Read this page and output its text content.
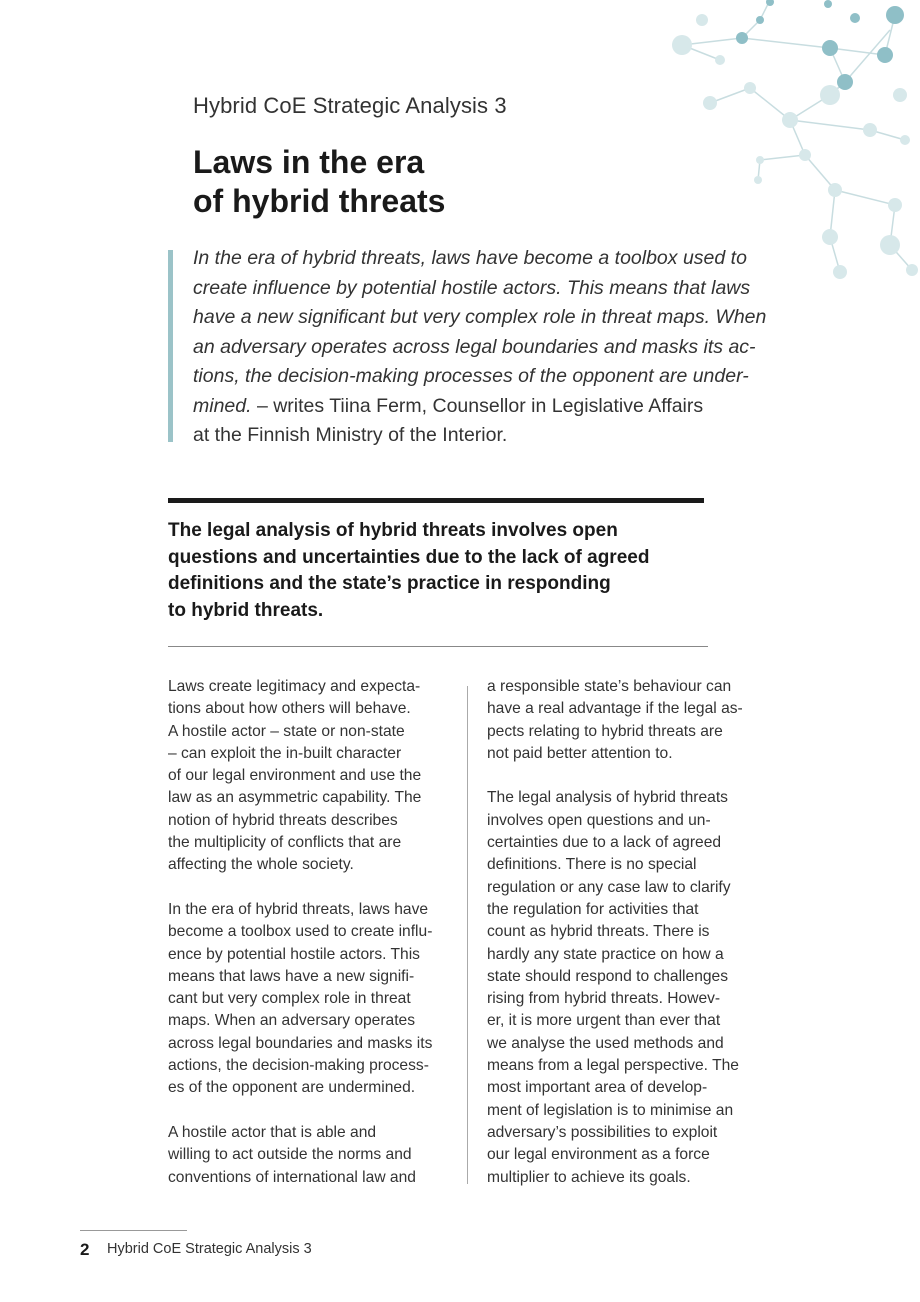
Hybrid CoE Strategic Analysis 3

Laws in the era
of hybrid threats

In the era of hybrid threats, laws have become a toolbox used to
create influence by potential hostile actors. This means that laws
have a new significant but very complex role in threat maps. When
an adversary operates across legal boundaries and masks its ac-
tions, the decision-making processes of the opponent are under-
mined. – writes Tiina Ferm, Counsellor in Legislative Affairs
at the Finnish Ministry of the Interior.

The legal analysis of hybrid threats involves open
questions and uncertainties due to the lack of agreed
definitions and the state’s practice in responding
to hybrid threats.

Laws create legitimacy and expecta-
tions about how others will behave.
A hostile actor – state or non-state
– can exploit the in-built character
of our legal environment and use the
law as an asymmetric capability. The
notion of hybrid threats describes
the multiplicity of conflicts that are
affecting the whole society.

In the era of hybrid threats, laws have
become a toolbox used to create influ-
ence by potential hostile actors. This
means that laws have a new signifi-
cant but very complex role in threat
maps. When an adversary operates
across legal boundaries and masks its
actions, the decision-making process-
es of the opponent are undermined.

A hostile actor that is able and
willing to act outside the norms and
conventions of international law and

a responsible state’s behaviour can
have a real advantage if the legal as-
pects relating to hybrid threats are
not paid better attention to.

The legal analysis of hybrid threats
involves open questions and un-
certainties due to a lack of agreed
definitions. There is no special
regulation or any case law to clarify
the regulation for activities that
count as hybrid threats. There is
hardly any state practice on how a
state should respond to challenges
rising from hybrid threats. Howev-
er, it is more urgent than ever that
we analyse the used methods and
means from a legal perspective. The
most important area of develop-
ment of legislation is to minimise an
adversary’s possibilities to exploit
our legal environment as a force
multiplier to achieve its goals.

2 Hybrid CoE Strategic Analysis 3
